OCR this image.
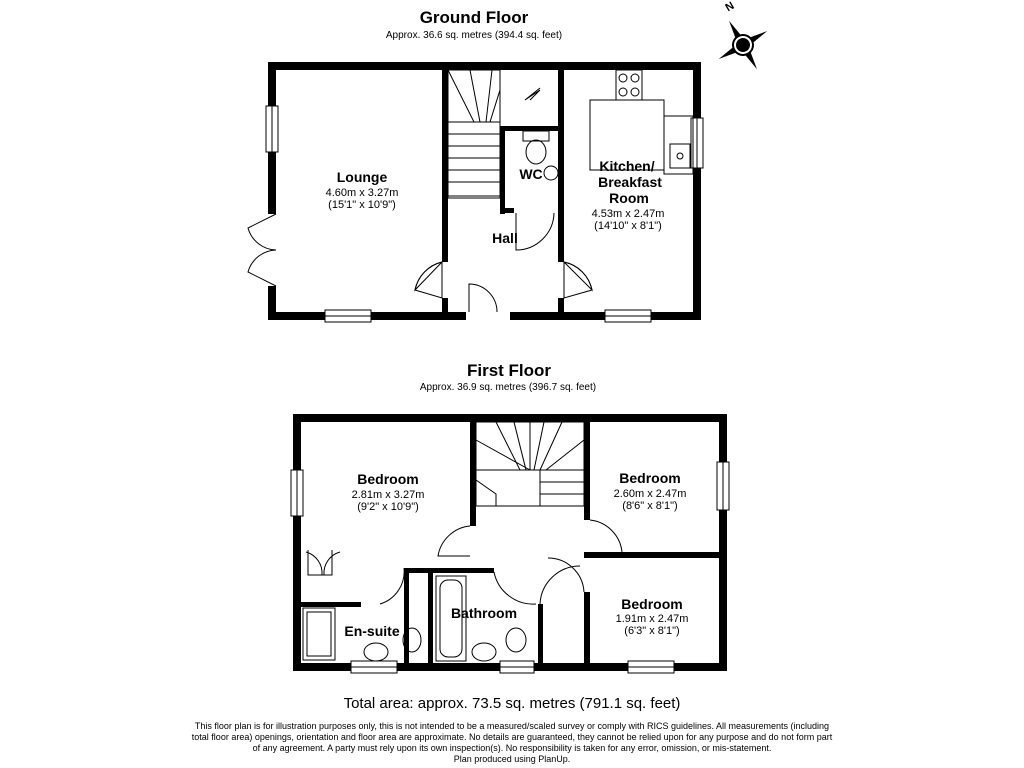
Ground Floor
Approx. 36.6 sq. metres (394.4 sq. feet)
N
Lounge
4.60m x 3.27m
(15'1" x 10'9")
WC	Kitchen/
Breakfast
Room
4.53m x 2.47m
(14'10" x 8'1")
Hall
First Floor
Approx. 36.9 sq. metres (396.7 sq. feet)
Bedroom
2.81m x 3.27m
(9'2" x 10'9")
Bedroom
2.60m x 2.47m
(8'6" x 8'1")
Bedroom
1.91m x 2.47m
(6'3" x 8'1")
Bathroom
En-suite
Total area: approx. 73.5 sq. metres (791.1 sq. feet)
This floor plan is for illustration purposes only, this is not intended to be a measured/scaled survey or comply with RICS guidelines. All measurements (including
total floor area) openings, orientation and floor area are approximate. No details are guaranteed, they cannot be relied upon for any purpose and do not form part
of any agreement. A party must rely upon its own inspection(s). No responsibility is taken for any error, omission, or mis-statement.
Plan produced using PlanUp.
